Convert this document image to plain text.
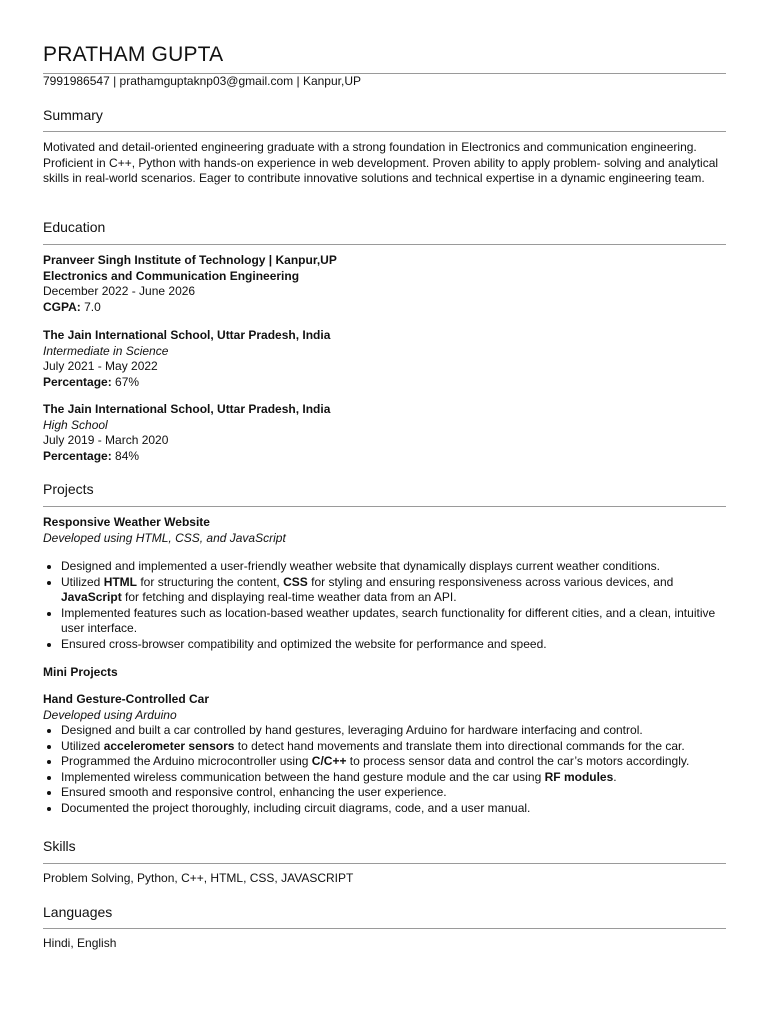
PRATHAM GUPTA
7991986547 | prathamguptaknp03@gmail.com | Kanpur,UP
Summary

Motivated and detail-oriented engineering graduate with a strong foundation in Electronics and communication engineering. Proficient in C++, Python with hands-on experience in web development. Proven ability to apply problem- solving and analytical skills in real-world scenarios. Eager to contribute innovative solutions and technical expertise in a dynamic engineering team.

Education

Pranveer Singh Institute of Technology | Kanpur,UP

Electronics and Communication Engineering

December 2022 - June 2026

CGPA: 7.0

The Jain International School, Uttar Pradesh, India

Intermediate in Science

July 2021 - May 2022

Percentage: 67%

The Jain International School, Uttar Pradesh, India

High School

July 2019 - March 2020

Percentage: 84%

Projects

Responsive Weather Website

Developed using HTML, CSS, and JavaScript

• Designed and implemented a user-friendly weather website that dynamically displays current weather conditions.
• Utilized HTML for structuring the content, CSS for styling and ensuring responsiveness across various devices, and JavaScript for fetching and displaying real-time weather data from an API.
• Implemented features such as location-based weather updates, search functionality for different cities, and a clean, intuitive user interface.
• Ensured cross-browser compatibility and optimized the website for performance and speed.

Mini Projects

Hand Gesture-Controlled Car

Developed using Arduino

• Designed and built a car controlled by hand gestures, leveraging Arduino for hardware interfacing and control.
• Utilized accelerometer sensors to detect hand movements and translate them into directional commands for the car.
• Programmed the Arduino microcontroller using C/C++ to process sensor data and control the car’s motors accordingly.
• Implemented wireless communication between the hand gesture module and the car using RF modules.
• Ensured smooth and responsive control, enhancing the user experience.
• Documented the project thoroughly, including circuit diagrams, code, and a user manual.
Skills

Problem Solving, Python, C++, HTML, CSS, JAVASCRIPT

Languages

Hindi, English
